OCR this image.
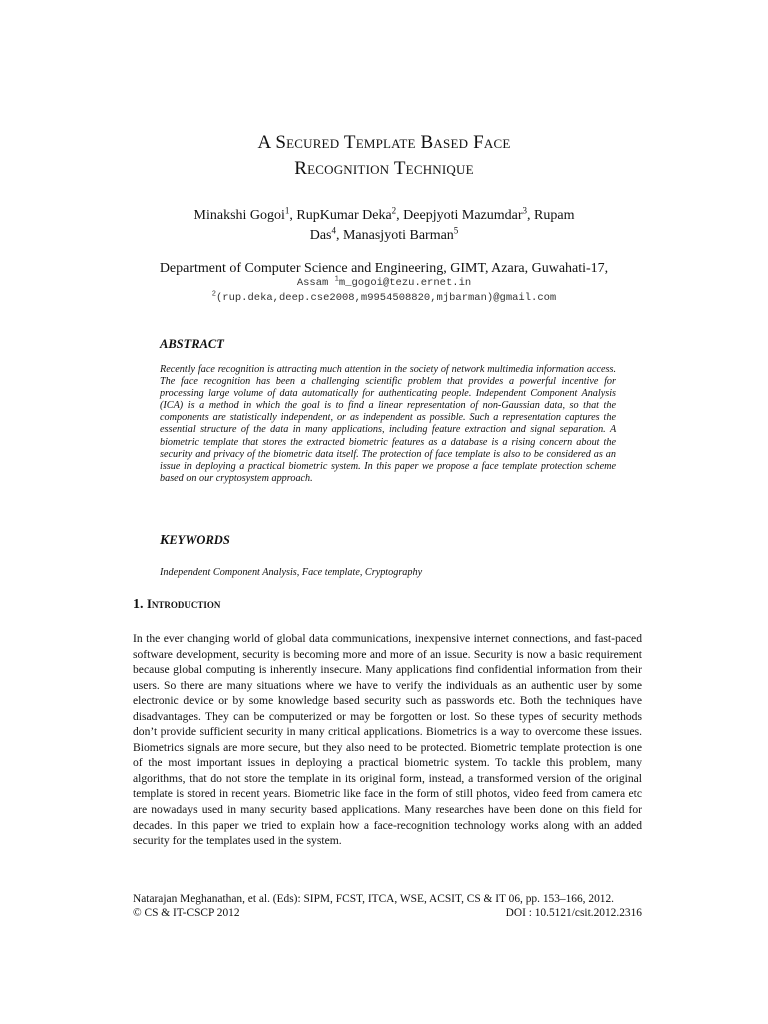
A Secured Template Based Face
Recognition Technique
Minakshi Gogoi$^1$, RupKumar Deka$^2$, Deepjyoti Mazumdar$^3$, Rupam
Das$^4$, Manasjyoti Barman$^5$
Department of Computer Science and Engineering, GIMT, Azara, Guwahati-17,
Assam $^1$m_gogoi@tezu.ernet.in
$^2$(rup.deka,deep.cse2008,m9954508820,mjbarman)@gmail.com
ABSTRACT
Recently face recognition is attracting much attention in the society of network multimedia information access. The face recognition has been a challenging scientific problem that provides a powerful incentive for processing large volume of data automatically for authenticating people. Independent Component Analysis (ICA) is a method in which the goal is to find a linear representation of non-Gaussian data, so that the components are statistically independent, or as independent as possible. Such a representation captures the essential structure of the data in many applications, including feature extraction and signal separation. A biometric template that stores the extracted biometric features as a database is a rising concern about the security and privacy of the biometric data itself. The protection of face template is also to be considered as an issue in deploying a practical biometric system. In this paper we propose a face template protection scheme based on our cryptosystem approach.
KEYWORDS
Independent Component Analysis, Face template, Cryptography
1. Introduction
In the ever changing world of global data communications, inexpensive internet connections, and fast-paced software development, security is becoming more and more of an issue. Security is now a basic requirement because global computing is inherently insecure. Many applications find confidential information from their users. So there are many situations where we have to verify the individuals as an authentic user by some electronic device or by some knowledge based security such as passwords etc. Both the techniques have disadvantages. They can be computerized or may be forgotten or lost. So these types of security methods don’t provide sufficient security in many critical applications. Biometrics is a way to overcome these issues. Biometrics signals are more secure, but they also need to be protected. Biometric template protection is one of the most important issues in deploying a practical biometric system. To tackle this problem, many algorithms, that do not store the template in its original form, instead, a transformed version of the original template is stored in recent years. Biometric like face in the form of still photos, video feed from camera etc are nowadays used in many security based applications. Many researches have been done on this field for decades. In this paper we tried to explain how a face-recognition technology works along with an added security for the templates used in the system.
Natarajan Meghanathan, et al. (Eds): SIPM, FCST, ITCA, WSE, ACSIT, CS & IT 06, pp. 153–166, 2012.
© CS & IT-CSCP 2012	DOI : 10.5121/csit.2012.2316
